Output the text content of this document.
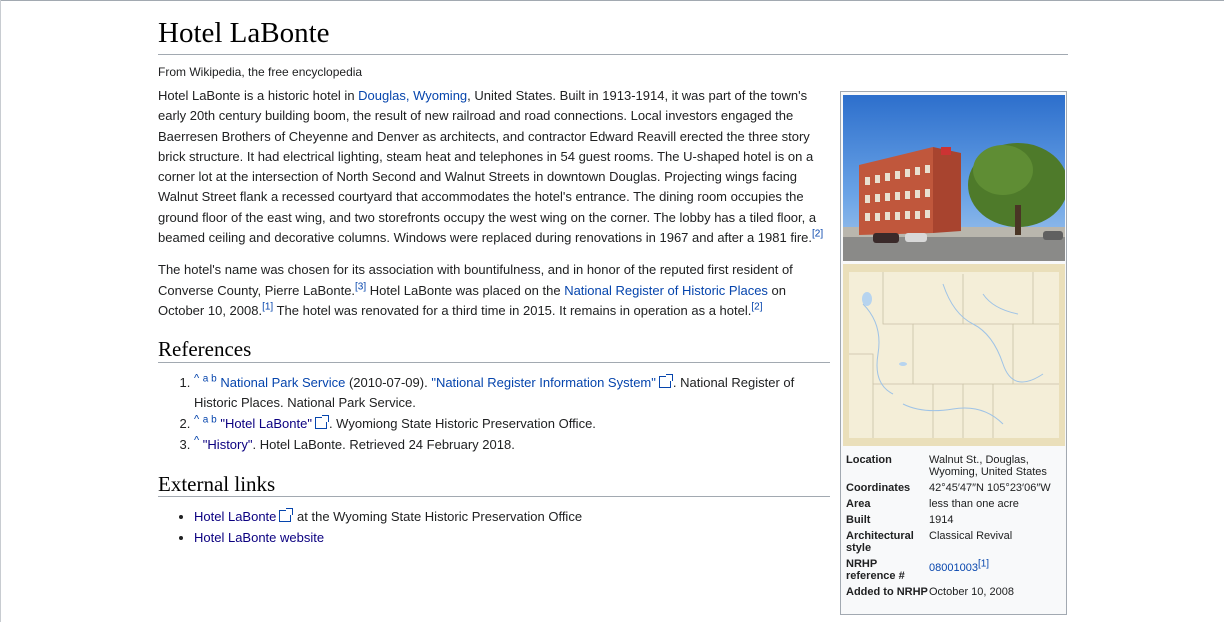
Hotel LaBonte
From Wikipedia, the free encyclopedia

Hotel LaBonte is a historic hotel in Douglas, Wyoming, United States. Built in 1913-1914, it was part of the town's early 20th century building boom, the result of new railroad and road connections. Local investors engaged the Baerresen Brothers of Cheyenne and Denver as architects, and contractor Edward Reavill erected the three story brick structure. It had electrical lighting, steam heat and telephones in 54 guest rooms. The U-shaped hotel is on a corner lot at the intersection of North Second and Walnut Streets in downtown Douglas. Projecting wings facing Walnut Street flank a recessed courtyard that accommodates the hotel's entrance. The dining room occupies the ground floor of the east wing, and two storefronts occupy the west wing on the corner. The lobby has a tiled floor, a beamed ceiling and decorative columns. Windows were replaced during renovations in 1967 and after a 1981 fire.[2]

The hotel's name was chosen for its association with bountifulness, and in honor of the reputed first resident of Converse County, Pierre LaBonte.[3] Hotel LaBonte was placed on the National Register of Historic Places on October 10, 2008.[1] The hotel was renovated for a third time in 2015. It remains in operation as a hotel.[2]

References
1. ^ $^{a b}$ National Park Service (2010-07-09). "National Register Information System" . National Register of Historic Places. National Park Service.
2. ^ $^{a b}$ "Hotel LaBonte" . Wyomiong State Historic Preservation Office.
3. ^ "History". Hotel LaBonte. Retrieved 24 February 2018.
External links
• Hotel LaBonte at the Wyoming State Historic Preservation Office
• Hotel LaBonte website
Location	Walnut St., Douglas, Wyoming, United States
Coordinates	42°45′47″N 105°23′06″W
Area	less than one acre
Built	1914
Architectural style
Classical Revival
NRHP reference #
08001003[1]
Added to NRHP October 10, 2008
